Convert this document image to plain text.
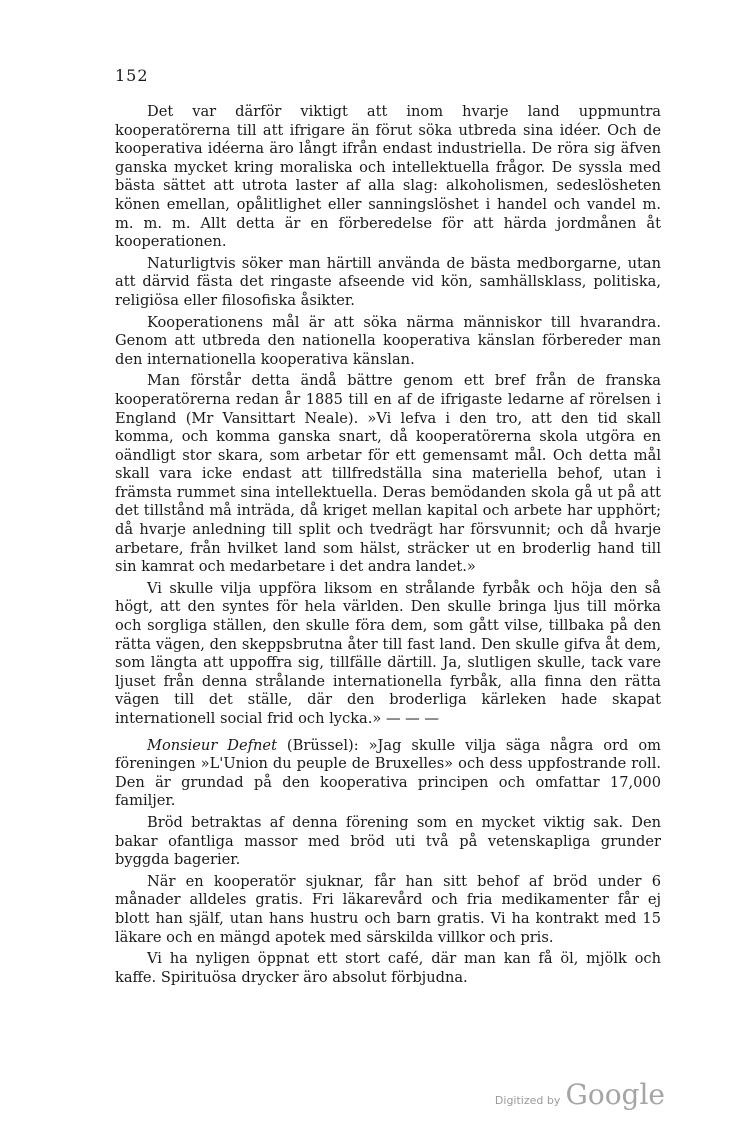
152

Det var därför viktigt att inom hvarje land uppmuntra kooperatörerna till att ifrigare än förut söka utbreda sina idéer. Och de kooperativa idéerna äro långt ifrån endast industriella. De röra sig äfven ganska mycket kring moraliska och intellektuella frågor. De syssla med bästa sättet att utrota laster af alla slag: alkoholismen, sedeslösheten könen emellan, opålitlighet eller sanningslöshet i handel och vandel m. m. m. m. Allt detta är en förberedelse för att härda jordmånen åt kooperationen.

Naturligtvis söker man härtill använda de bästa medborgarne, utan att därvid fästa det ringaste afseende vid kön, samhällsklass, politiska, religiösa eller filosofiska åsikter.

Kooperationens mål är att söka närma människor till hvarandra. Genom att utbreda den nationella kooperativa känslan förbereder man den internationella kooperativa känslan.

Man förstår detta ändå bättre genom ett bref från de franska kooperatörerna redan år 1885 till en af de ifrigaste ledarne af rörelsen i England (Mr Vansittart Neale). »Vi lefva i den tro, att den tid skall komma, och komma ganska snart, då kooperatörerna skola utgöra en oändligt stor skara, som arbetar för ett gemensamt mål. Och detta mål skall vara icke endast att tillfredställa sina materiella behof, utan i främsta rummet sina intellektuella. Deras bemödanden skola gå ut på att det tillstånd må inträda, då kriget mellan kapital och arbete har upphört; då hvarje anledning till split och tvedrägt har försvunnit; och då hvarje arbetare, från hvilket land som hälst, sträcker ut en broderlig hand till sin kamrat och medarbetare i det andra landet.»

Vi skulle vilja uppföra liksom en strålande fyrbåk och höja den så högt, att den syntes för hela världen. Den skulle bringa ljus till mörka och sorgliga ställen, den skulle föra dem, som gått vilse, tillbaka på den rätta vägen, den skeppsbrutna åter till fast land. Den skulle gifva åt dem, som längta att uppoffra sig, tillfälle därtill. Ja, slutligen skulle, tack vare ljuset från denna strålande internationella fyrbåk, alla finna den rätta vägen till det ställe, där den broderliga kärleken hade skapat internationell social frid och lycka.» — — —

Monsieur Defnet (Brüssel): »Jag skulle vilja säga några ord om föreningen »L'Union du peuple de Bruxelles» och dess uppfostrande roll. Den är grundad på den kooperativa principen och omfattar 17,000 familjer.

Bröd betraktas af denna förening som en mycket viktig sak. Den bakar ofantliga massor med bröd uti två på vetenskapliga grunder byggda bagerier.

När en kooperatör sjuknar, får han sitt behof af bröd under 6 månader alldeles gratis. Fri läkarevård och fria medikamenter får ej blott han själf, utan hans hustru och barn gratis. Vi ha kontrakt med 15 läkare och en mängd apotek med särskilda villkor och pris.

Vi ha nyligen öppnat ett stort café, där man kan få öl, mjölk och kaffe. Spirituösa drycker äro absolut förbjudna.

Digitized by Google
